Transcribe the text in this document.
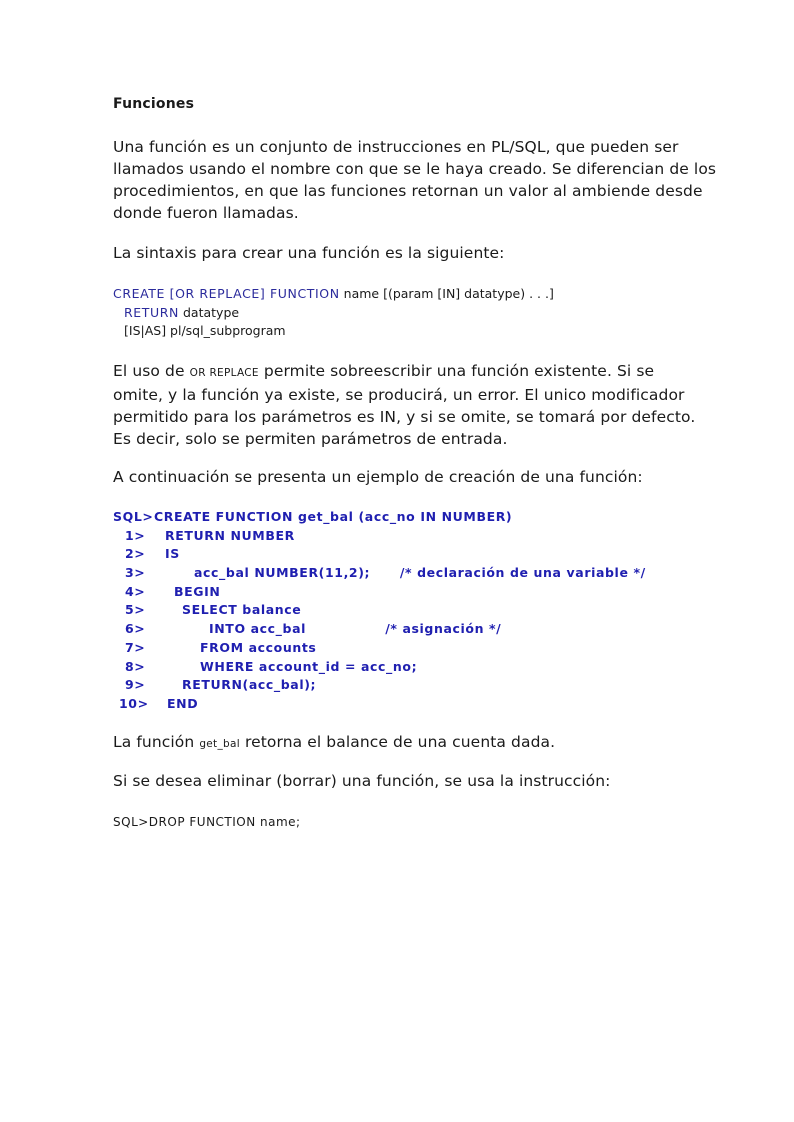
Funciones
Una función es un conjunto de instrucciones en PL/SQL, que pueden ser
llamados usando el nombre con que se le haya creado. Se diferencian de los
procedimientos, en que las funciones retornan un valor al ambiende desde
donde fueron llamadas.
La sintaxis para crear una función es la siguiente:
CREATE [OR REPLACE] FUNCTION name [(param [IN] datatype) . . .]
RETURN datatype
[IS|AS] pl/sql_subprogram
El uso de OR REPLACE permite sobreescribir una función existente. Si se
omite, y la función ya existe, se producirá, un error. El unico modificador
permitido para los parámetros es IN, y si se omite, se tomará por defecto.
Es decir, solo se permiten parámetros de entrada.
A continuación se presenta un ejemplo de creación de una función:
SQL> CREATE FUNCTION get_bal (acc_no IN NUMBER)
1> RETURN NUMBER
2> IS
3>	acc_bal NUMBER(11,2);      /* declaración de una variable */
4> BEGIN
5>	SELECT balance
6>	INTO acc_bal                /* asignación */
7>	FROM accounts
8>	WHERE account_id = acc_no;
9>	RETURN(acc_bal);
10> END
La función get_bal retorna el balance de una cuenta dada.
Si se desea eliminar (borrar) una función, se usa la instrucción:
SQL>DROP FUNCTION name;
